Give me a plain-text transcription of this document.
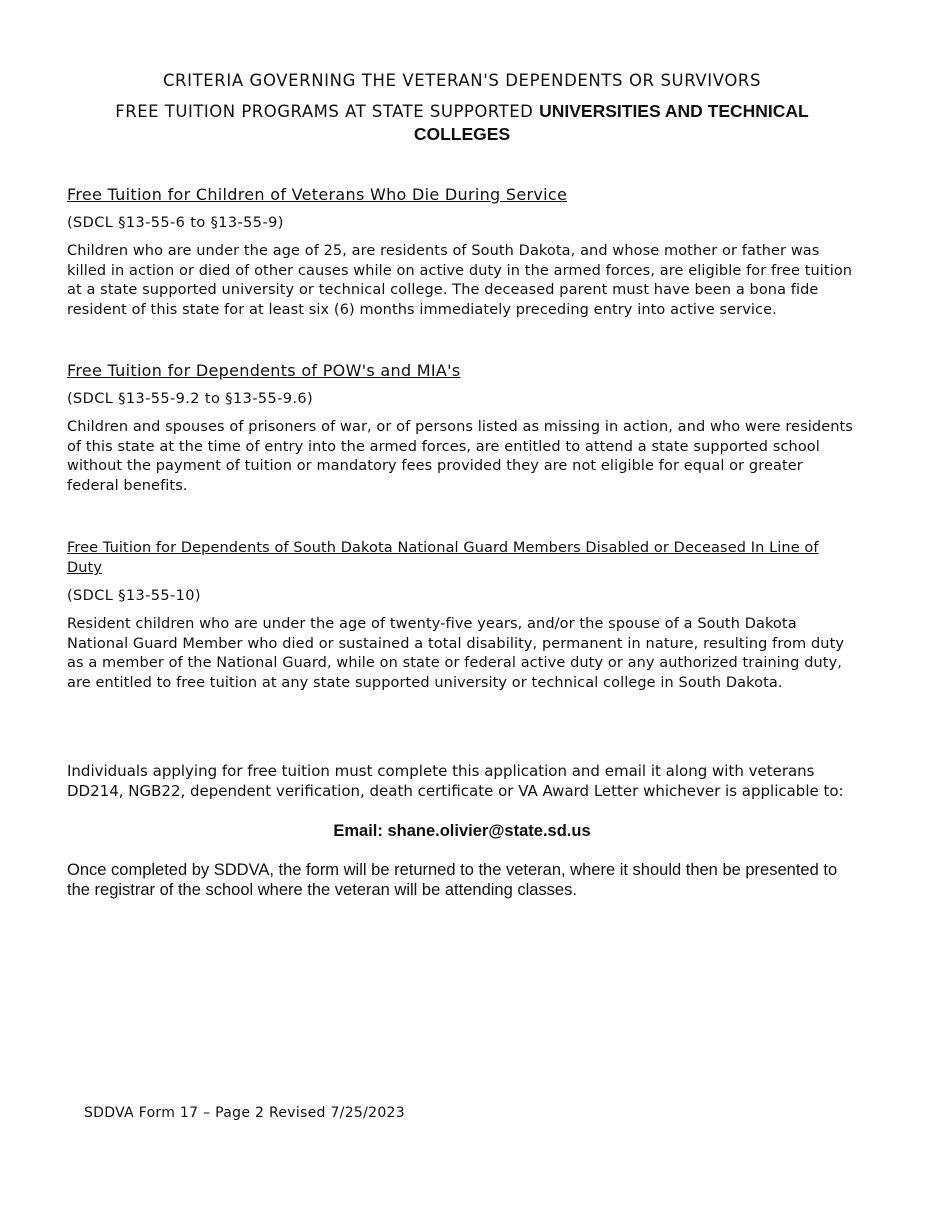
CRITERIA GOVERNING THE VETERAN'S DEPENDENTS OR SURVIVORS
FREE TUITION PROGRAMS AT STATE SUPPORTED UNIVERSITIES AND TECHNICAL COLLEGES
Free Tuition for Children of Veterans Who Die During Service
(SDCL §13-55-6 to §13-55-9)
Children who are under the age of 25, are residents of South Dakota, and whose mother or father was killed in action or died of other causes while on active duty in the armed forces, are eligible for free tuition at a state supported university or technical college. The deceased parent must have been a bona fide resident of this state for at least six (6) months immediately preceding entry into active service.
Free Tuition for Dependents of POW's and MIA's
(SDCL §13-55-9.2 to §13-55-9.6)
Children and spouses of prisoners of war, or of persons listed as missing in action, and who were residents of this state at the time of entry into the armed forces, are entitled to attend a state supported school without the payment of tuition or mandatory fees provided they are not eligible for equal or greater federal benefits.
Free Tuition for Dependents of South Dakota National Guard Members Disabled or Deceased In Line of Duty
(SDCL §13-55-10)
Resident children who are under the age of twenty-five years, and/or the spouse of a South Dakota National Guard Member who died or sustained a total disability, permanent in nature, resulting from duty as a member of the National Guard, while on state or federal active duty or any authorized training duty, are entitled to free tuition at any state supported university or technical college in South Dakota.
Individuals applying for free tuition must complete this application and email it along with veterans DD214, NGB22, dependent verification, death certificate or VA Award Letter whichever is applicable to:
Email: shane.olivier@state.sd.us
Once completed by SDDVA, the form will be returned to the veteran, where it should then be presented to the registrar of the school where the veteran will be attending classes.
SDDVA Form 17 – Page 2 Revised 7/25/2023
